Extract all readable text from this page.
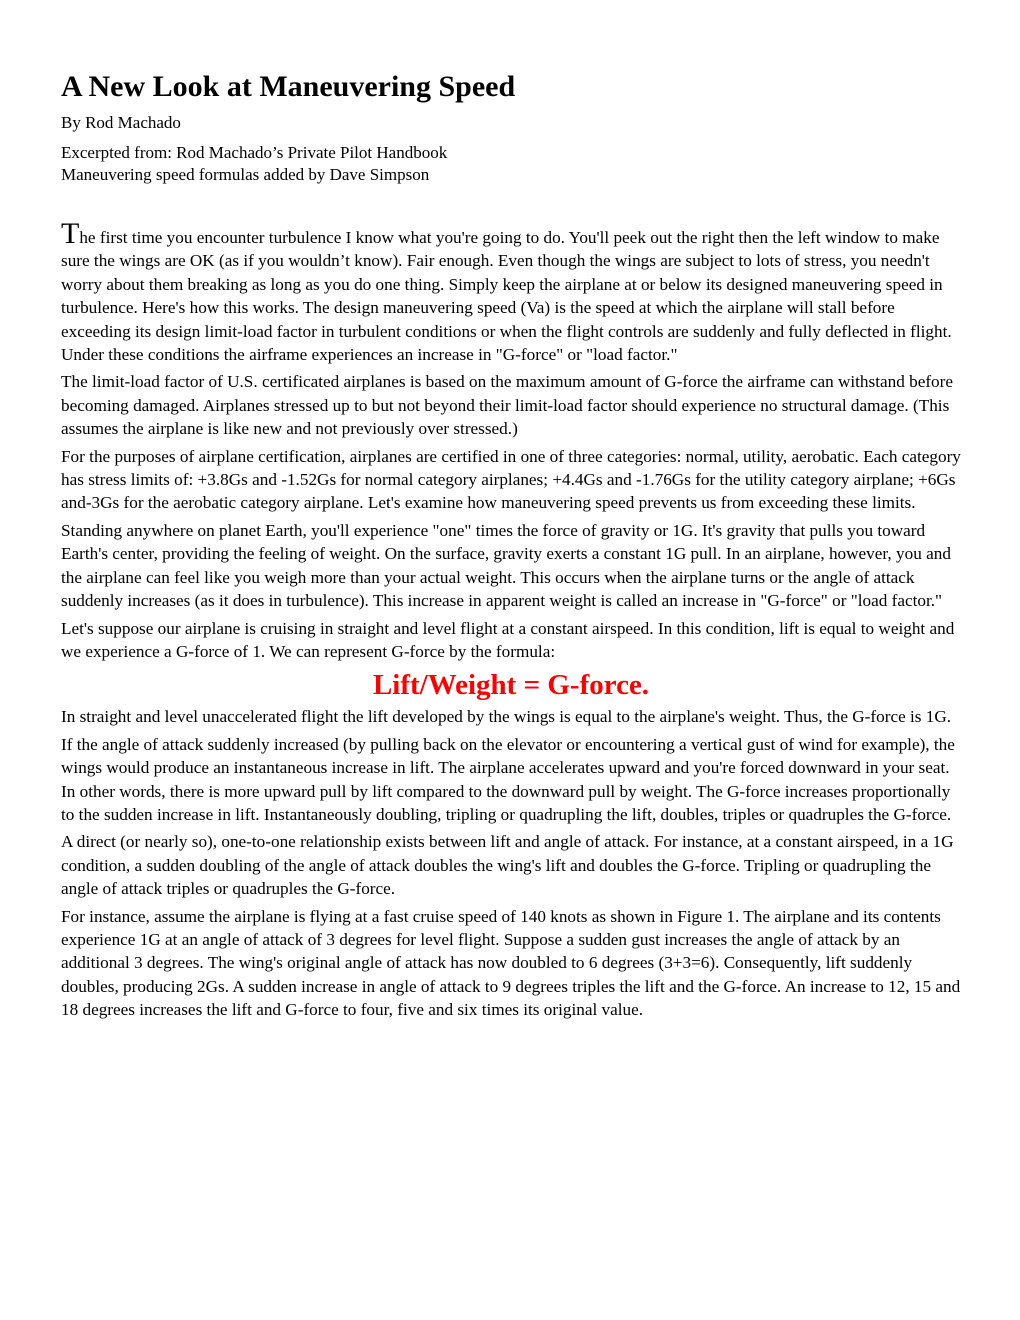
A New Look at Maneuvering Speed

By Rod Machado

Excerpted from: Rod Machado’s Private Pilot Handbook

Maneuvering speed formulas added by Dave Simpson

The first time you encounter turbulence I know what you're going to do. You'll peek out the right then the left window to make sure the wings are OK (as if you wouldn’t know). Fair enough. Even though the wings are subject to lots of stress, you needn't worry about them breaking as long as you do one thing. Simply keep the airplane at or below its designed maneuvering speed in turbulence. Here's how this works. The design maneuvering speed (Va) is the speed at which the airplane will stall before exceeding its design limit-load factor in turbulent conditions or when the flight controls are suddenly and fully deflected in flight. Under these conditions the airframe experiences an increase in "G-force" or "load factor."

The limit-load factor of U.S. certificated airplanes is based on the maximum amount of G-force the airframe can withstand before becoming damaged. Airplanes stressed up to but not beyond their limit-load factor should experience no structural damage. (This assumes the airplane is like new and not previously over stressed.)

For the purposes of airplane certification, airplanes are certified in one of three categories: normal, utility, aerobatic. Each category has stress limits of: +3.8Gs and -1.52Gs for normal category airplanes; +4.4Gs and -1.76Gs for the utility category airplane; +6Gs and-3Gs for the aerobatic category airplane. Let's examine how maneuvering speed prevents us from exceeding these limits.

Standing anywhere on planet Earth, you'll experience "one" times the force of gravity or 1G. It's gravity that pulls you toward Earth's center, providing the feeling of weight. On the surface, gravity exerts a constant 1G pull. In an airplane, however, you and the airplane can feel like you weigh more than your actual weight. This occurs when the airplane turns or the angle of attack suddenly increases (as it does in turbulence). This increase in apparent weight is called an increase in "G-force" or "load factor."

Let's suppose our airplane is cruising in straight and level flight at a constant airspeed. In this condition, lift is equal to weight and we experience a G-force of 1. We can represent G-force by the formula:

Lift/Weight = G-force.

In straight and level unaccelerated flight the lift developed by the wings is equal to the airplane's weight. Thus, the G-force is 1G.

If the angle of attack suddenly increased (by pulling back on the elevator or encountering a vertical gust of wind for example), the wings would produce an instantaneous increase in lift. The airplane accelerates upward and you're forced downward in your seat. In other words, there is more upward pull by lift compared to the downward pull by weight. The G-force increases proportionally to the sudden increase in lift. Instantaneously doubling, tripling or quadrupling the lift, doubles, triples or quadruples the G-force.

A direct (or nearly so), one-to-one relationship exists between lift and angle of attack. For instance, at a constant airspeed, in a 1G condition, a sudden doubling of the angle of attack doubles the wing's lift and doubles the G-force. Tripling or quadrupling the angle of attack triples or quadruples the G-force.

For instance, assume the airplane is flying at a fast cruise speed of 140 knots as shown in Figure 1. The airplane and its contents experience 1G at an angle of attack of 3 degrees for level flight. Suppose a sudden gust increases the angle of attack by an additional 3 degrees. The wing's original angle of attack has now doubled to 6 degrees (3+3=6). Consequently, lift suddenly doubles, producing 2Gs. A sudden increase in angle of attack to 9 degrees triples the lift and the G-force. An increase to 12, 15 and 18 degrees increases the lift and G-force to four, five and six times its original value.
